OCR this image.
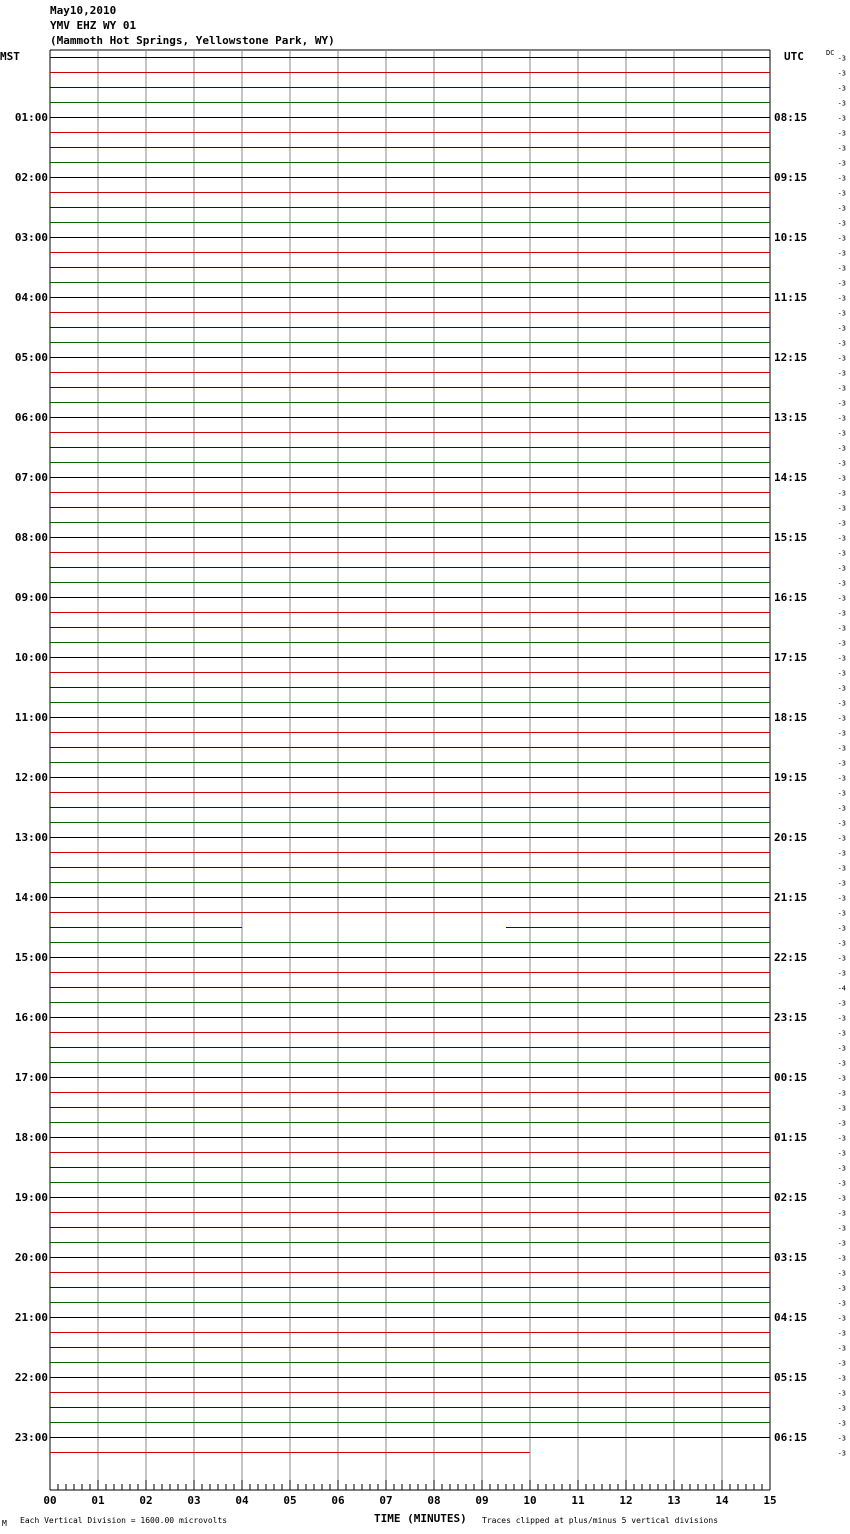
May10,2010
YMV EHZ WY 01
(Mammoth Hot Springs, Yellowstone Park, WY)
MST	UTC	DC
-3
-3
-3
-3
-3
-3
-3
-3
-3
-3
-3
-3
-3
-3
-3
-3
-3
-3
-3
-3
-3
-3
-3
-3
-3
-3
-3
-3
-3
-3
-3
-3
-3
-3
-3
-3
-3
-3
-3
-3
-3
-3
-3
-3
-3
-3
-3
-3
-3
-3
-3
-3
-3
-3
-3
-3
-3
-3
-3
-3
-3
-3
-4
-3
-3
-3
-3
-3
-3
-3
-3
-3
-3
-3
-3
-3
-3
-3
-3
-3
-3
-3
-3
-3
-3
-3
-3
-3
-3
-3
-3
-3
-3
-3
01:00
02:00
03:00
04:00
05:00
06:00
07:00
08:00
09:00
10:00
11:00
12:00
13:00
14:00
15:00
16:00
17:00
18:00
19:00
20:00
21:00
22:00
23:00
08:15
09:15
10:15
11:15
12:15
13:15
14:15
15:15
16:15
17:15
18:15
19:15
20:15
21:15
22:15
23:15
00:15
01:15
02:15
03:15
04:15
05:15
06:15
00	01	02	03	04	05	06	07	08	09	10	11	12	13	14	15
M Each Vertical Division = 1600.00 microvolts	TIME (MINUTES) Traces clipped at plus/minus 5 vertical divisions
